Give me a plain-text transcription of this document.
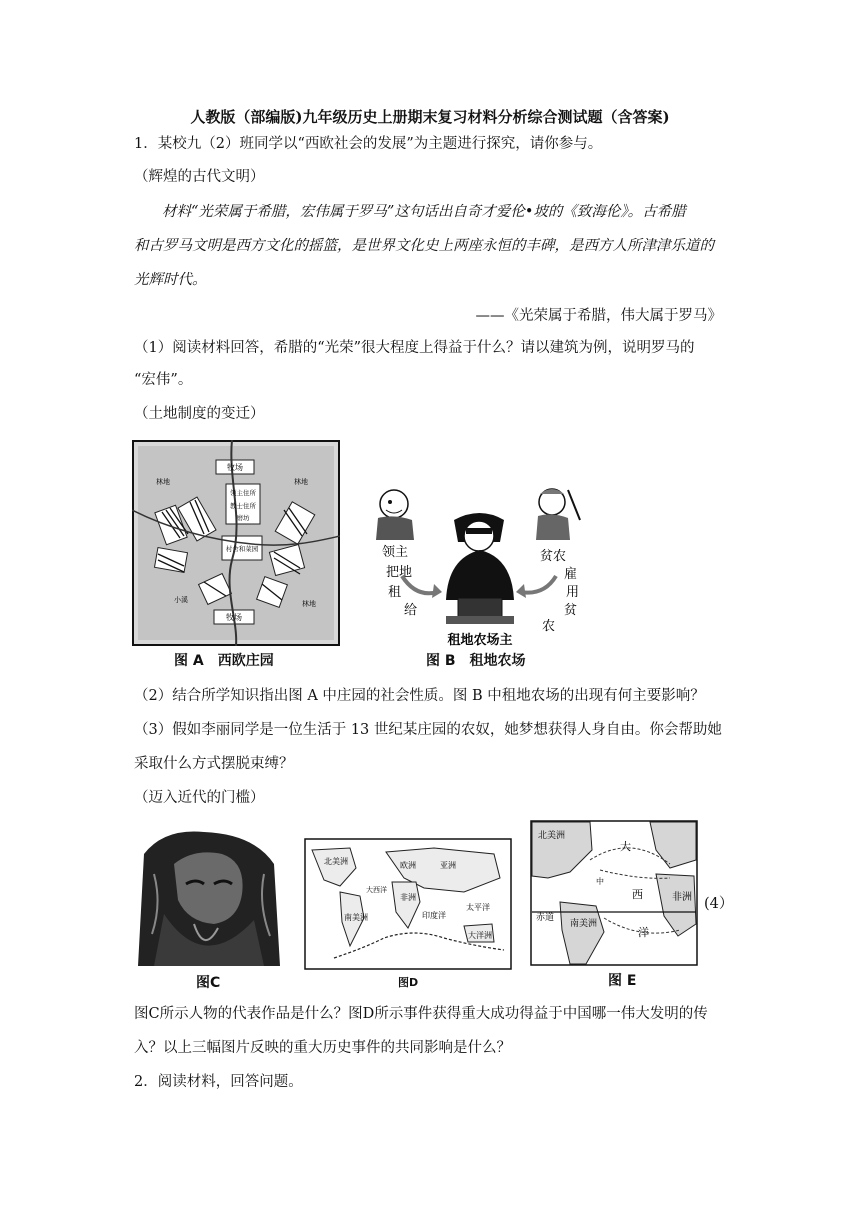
人教版（部编版)九年级历史上册期末复习材料分析综合测试题（含答案)
1．某校九（2）班同学以“西欧社会的发展”为主题进行探究，请你参与。
（辉煌的古代文明）
材料“光荣属于希腊，宏伟属于罗马”这句话出自奇才爱伦•坡的《致海伦》。古希腊
和古罗马文明是西方文化的摇篮，是世界文化史上两座永恒的丰碑，是西方人所津津乐道的
光辉时代。
——《光荣属于希腊，伟大属于罗马》
（1）阅读材料回答，希腊的“光荣”很大程度上得益于什么？请以建筑为例，说明罗马的
“宏伟”。
（土地制度的变迁）
牧场
领主住所
教士住所
磨坊
村舍和菜园
小溪
牧场
林地	林地
林地
图 A　西欧庄园
领主
把地
租
给
贫农
雇
用
贫
农
租地农场主
图 B　租地农场
（2）结合所学知识指出图 A 中庄园的社会性质。图 B 中租地农场的出现有何主要影响？
（3）假如李丽同学是一位生活于 13 世纪某庄园的农奴，她梦想获得人身自由。你会帮助她
采取什么方式摆脱束缚？
（迈入近代的门槛）
图C
北美洲	欧洲	亚洲
非洲
南美洲
大西洋
印度洋
太平洋
大洋洲
图D
北美洲
大
西
洋
非洲
南美洲
赤道
中
图 E
(4）
图C所示人物的代表作品是什么？图D所示事件获得重大成功得益于中国哪一伟大发明的传
入？以上三幅图片反映的重大历史事件的共同影响是什么？
2．阅读材料，回答问题。
